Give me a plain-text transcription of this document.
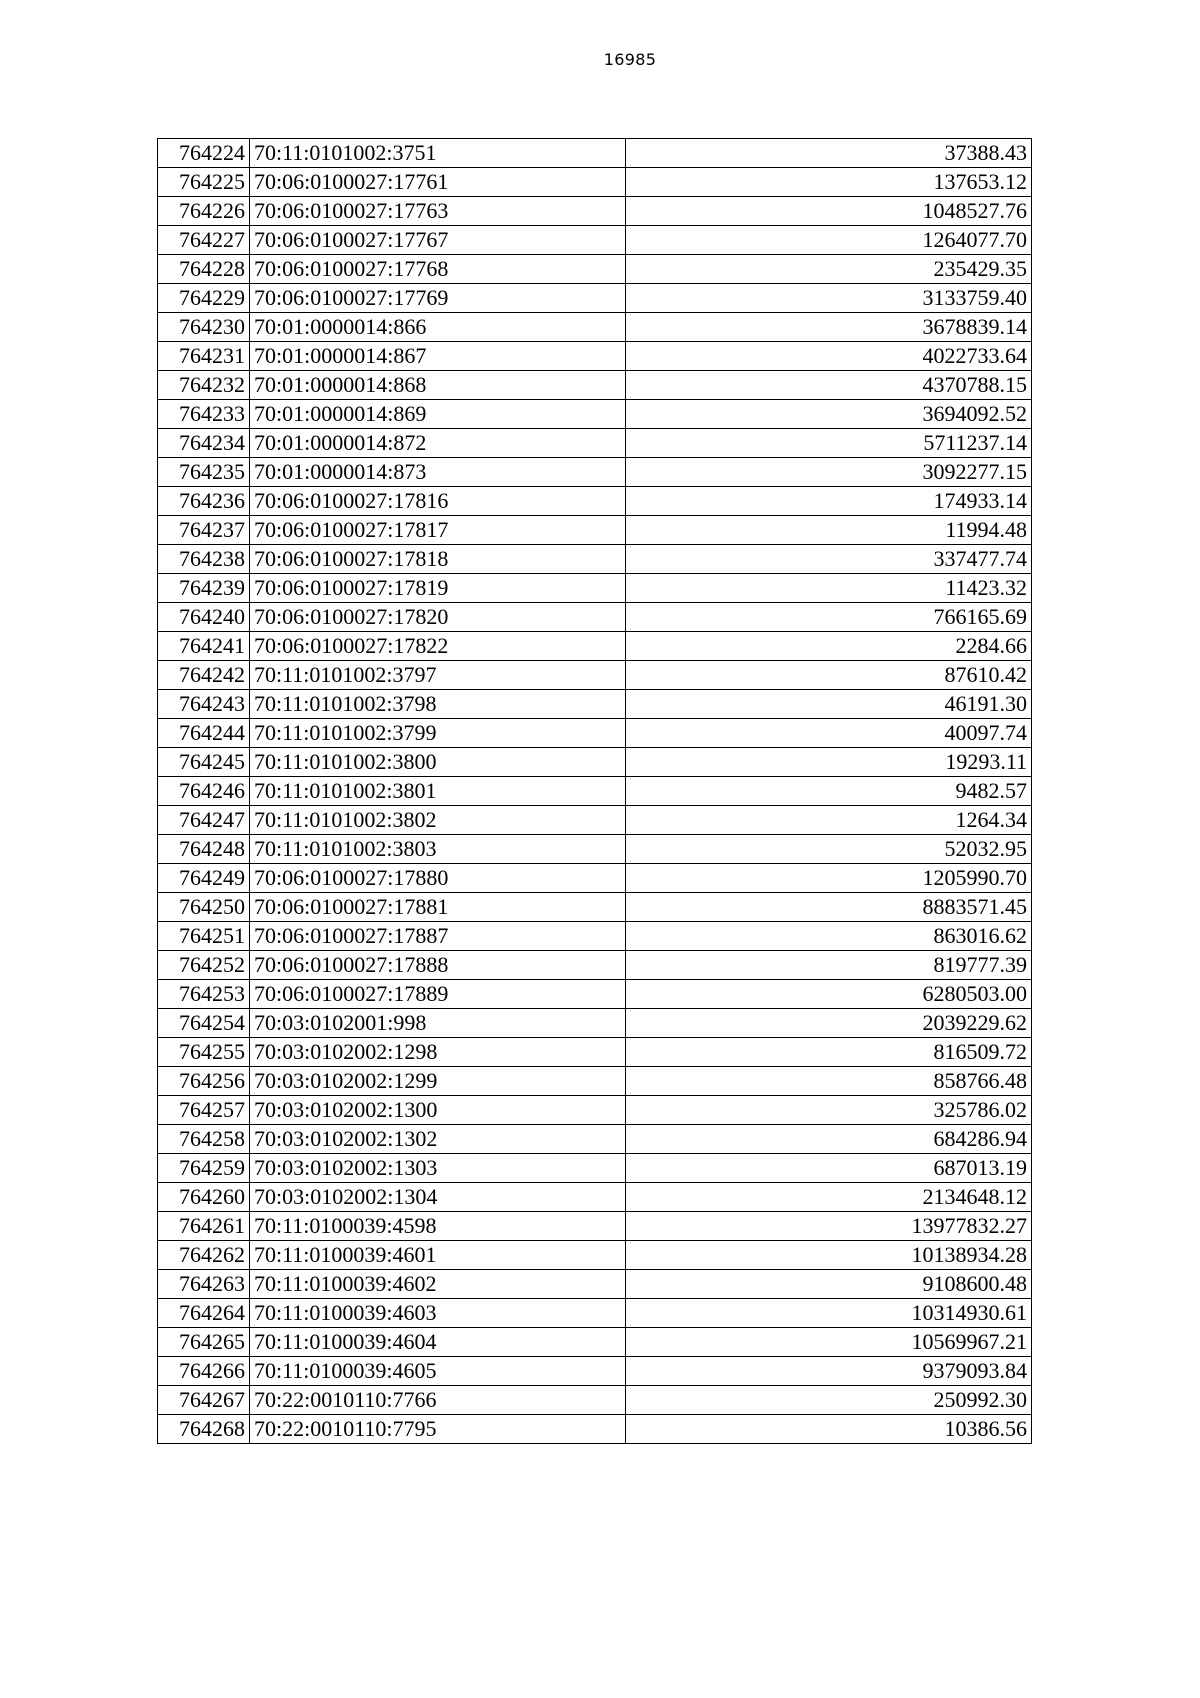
16985
764224	70:11:0101002:3751	37388.43
764225	70:06:0100027:17761	137653.12
764226	70:06:0100027:17763	1048527.76
764227	70:06:0100027:17767	1264077.70
764228	70:06:0100027:17768	235429.35
764229	70:06:0100027:17769	3133759.40
764230	70:01:0000014:866	3678839.14
764231	70:01:0000014:867	4022733.64
764232	70:01:0000014:868	4370788.15
764233	70:01:0000014:869	3694092.52
764234	70:01:0000014:872	5711237.14
764235	70:01:0000014:873	3092277.15
764236	70:06:0100027:17816	174933.14
764237	70:06:0100027:17817	11994.48
764238	70:06:0100027:17818	337477.74
764239	70:06:0100027:17819	11423.32
764240	70:06:0100027:17820	766165.69
764241	70:06:0100027:17822	2284.66
764242	70:11:0101002:3797	87610.42
764243	70:11:0101002:3798	46191.30
764244	70:11:0101002:3799	40097.74
764245	70:11:0101002:3800	19293.11
764246	70:11:0101002:3801	9482.57
764247	70:11:0101002:3802	1264.34
764248	70:11:0101002:3803	52032.95
764249	70:06:0100027:17880	1205990.70
764250	70:06:0100027:17881	8883571.45
764251	70:06:0100027:17887	863016.62
764252	70:06:0100027:17888	819777.39
764253	70:06:0100027:17889	6280503.00
764254	70:03:0102001:998	2039229.62
764255	70:03:0102002:1298	816509.72
764256	70:03:0102002:1299	858766.48
764257	70:03:0102002:1300	325786.02
764258	70:03:0102002:1302	684286.94
764259	70:03:0102002:1303	687013.19
764260	70:03:0102002:1304	2134648.12
764261	70:11:0100039:4598	13977832.27
764262	70:11:0100039:4601	10138934.28
764263	70:11:0100039:4602	9108600.48
764264	70:11:0100039:4603	10314930.61
764265	70:11:0100039:4604	10569967.21
764266	70:11:0100039:4605	9379093.84
764267	70:22:0010110:7766	250992.30
764268	70:22:0010110:7795	10386.56
